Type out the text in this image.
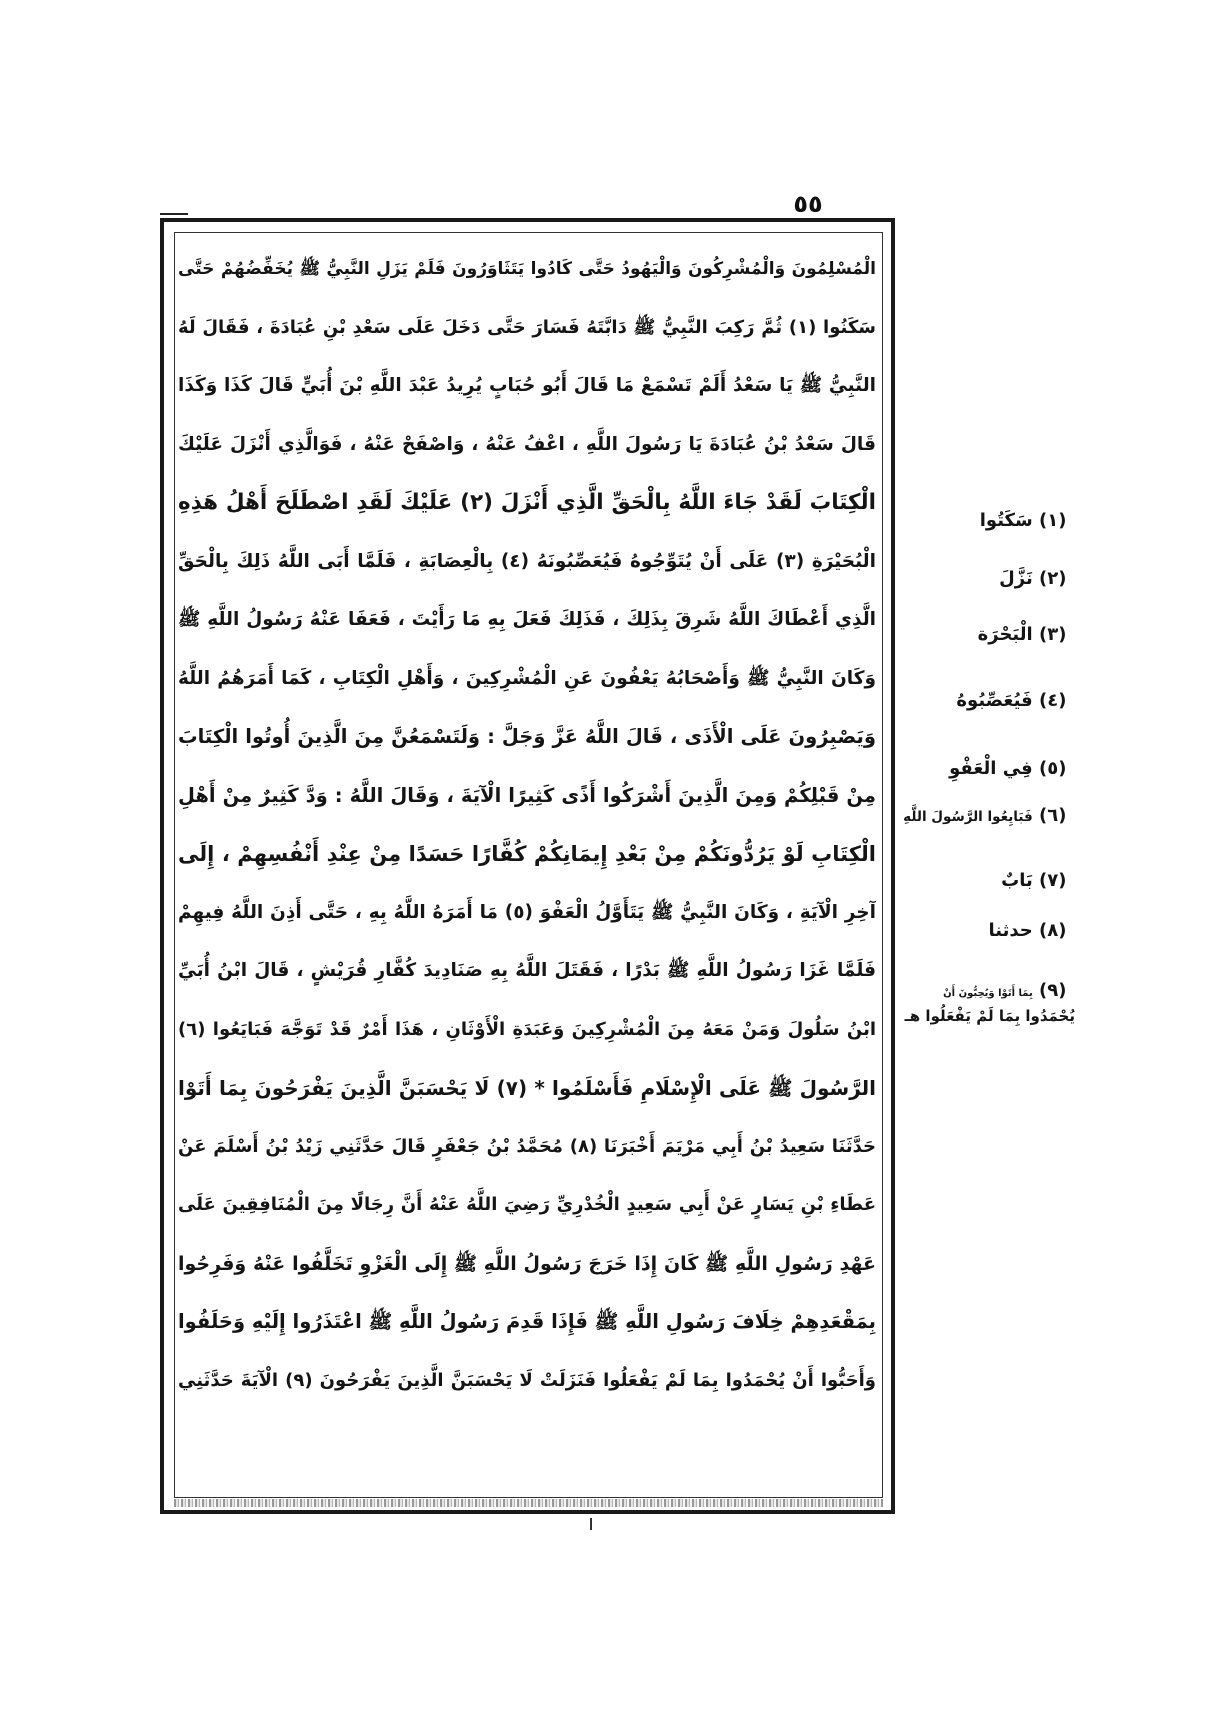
٥٥
الْمُسْلِمُونَ وَالْمُشْرِكُونَ وَالْيَهُودُ حَتَّى كَادُوا يَتَثَاوَرُونَ فَلَمْ يَزَلِ النَّبِيُّ ﷺ يُخَفِّضُهُمْ حَتَّى
سَكَنُوا (١) ثُمَّ رَكِبَ النَّبِيُّ ﷺ دَابَّتَهُ فَسَارَ حَتَّى دَخَلَ عَلَى سَعْدِ بْنِ عُبَادَةَ ، فَقَالَ لَهُ
النَّبِيُّ ﷺ يَا سَعْدُ أَلَمْ تَسْمَعْ مَا قَالَ أَبُو حُبَابٍ يُرِيدُ عَبْدَ اللَّهِ بْنَ أُبَيٍّ قَالَ كَذَا وَكَذَا
قَالَ سَعْدُ بْنُ عُبَادَةَ يَا رَسُولَ اللَّهِ ، اعْفُ عَنْهُ ، وَاصْفَحْ عَنْهُ ، فَوَالَّذِي أَنْزَلَ عَلَيْكَ
الْكِتَابَ لَقَدْ جَاءَ اللَّهُ بِالْحَقِّ الَّذِي أَنْزَلَ (٢) عَلَيْكَ لَقَدِ اصْطَلَحَ أَهْلُ هَذِهِ
الْبُحَيْرَةِ (٣) عَلَى أَنْ يُتَوِّجُوهُ فَيُعَصِّبُونَهُ (٤) بِالْعِصَابَةِ ، فَلَمَّا أَبَى اللَّهُ ذَلِكَ بِالْحَقِّ
الَّذِي أَعْطَاكَ اللَّهُ شَرِقَ بِذَلِكَ ، فَذَلِكَ فَعَلَ بِهِ مَا رَأَيْتَ ، فَعَفَا عَنْهُ رَسُولُ اللَّهِ ﷺ
وَكَانَ النَّبِيُّ ﷺ وَأَصْحَابُهُ يَعْفُونَ عَنِ الْمُشْرِكِينَ ، وَأَهْلِ الْكِتَابِ ، كَمَا أَمَرَهُمُ اللَّهُ
وَيَصْبِرُونَ عَلَى الْأَذَى ، قَالَ اللَّهُ عَزَّ وَجَلَّ : وَلَتَسْمَعُنَّ مِنَ الَّذِينَ أُوتُوا الْكِتَابَ
مِنْ قَبْلِكُمْ وَمِنَ الَّذِينَ أَشْرَكُوا أَذًى كَثِيرًا الْآيَةَ ، وَقَالَ اللَّهُ : وَدَّ كَثِيرٌ مِنْ أَهْلِ
الْكِتَابِ لَوْ يَرُدُّونَكُمْ مِنْ بَعْدِ إِيمَانِكُمْ كُفَّارًا حَسَدًا مِنْ عِنْدِ أَنْفُسِهِمْ ، إِلَى
آخِرِ الْآيَةِ ، وَكَانَ النَّبِيُّ ﷺ يَتَأَوَّلُ الْعَفْوَ (٥) مَا أَمَرَهُ اللَّهُ بِهِ ، حَتَّى أَذِنَ اللَّهُ فِيهِمْ
فَلَمَّا غَزَا رَسُولُ اللَّهِ ﷺ بَدْرًا ، فَقَتَلَ اللَّهُ بِهِ صَنَادِيدَ كُفَّارِ قُرَيْشٍ ، قَالَ ابْنُ أُبَيِّ
ابْنُ سَلُولَ وَمَنْ مَعَهُ مِنَ الْمُشْرِكِينَ وَعَبَدَةِ الْأَوْثَانِ ، هَذَا أَمْرٌ قَدْ تَوَجَّهَ فَبَايَعُوا (٦)
الرَّسُولَ ﷺ عَلَى الْإِسْلَامِ فَأَسْلَمُوا * (٧) لَا يَحْسَبَنَّ الَّذِينَ يَفْرَحُونَ بِمَا أَتَوْا
حَدَّثَنَا سَعِيدُ بْنُ أَبِي مَرْيَمَ أَخْبَرَنَا (٨) مُحَمَّدُ بْنُ جَعْفَرٍ قَالَ حَدَّثَنِي زَيْدُ بْنُ أَسْلَمَ عَنْ
عَطَاءِ بْنِ يَسَارٍ عَنْ أَبِي سَعِيدٍ الْخُدْرِيِّ رَضِيَ اللَّهُ عَنْهُ أَنَّ رِجَالًا مِنَ الْمُنَافِقِينَ عَلَى
عَهْدِ رَسُولِ اللَّهِ ﷺ كَانَ إِذَا خَرَجَ رَسُولُ اللَّهِ ﷺ إِلَى الْغَزْوِ تَخَلَّفُوا عَنْهُ وَفَرِحُوا
بِمَقْعَدِهِمْ خِلَافَ رَسُولِ اللَّهِ ﷺ فَإِذَا قَدِمَ رَسُولُ اللَّهِ ﷺ اعْتَذَرُوا إِلَيْهِ وَحَلَفُوا
وَأَحَبُّوا أَنْ يُحْمَدُوا بِمَا لَمْ يَفْعَلُوا فَنَزَلَتْ لَا يَحْسَبَنَّ الَّذِينَ يَفْرَحُونَ (٩) الْآيَةَ حَدَّثَنِي
(١) سَكَتُوا
(٢) نَزَّلَ
(٣) الْبَحْرَة
(٤) فَيُعَصِّبُوهُ
(٥) فِي الْعَفْوِ
(٦) فَبَايِعُوا الرَّسُولَ اللَّهِ
(٧) بَابٌ
(٨) حدثنا
(٩) بِمَا أَتَوْا وَيُحِبُّونَ أَنْ
يُحْمَدُوا بِمَا لَمْ يَفْعَلُوا هـ
